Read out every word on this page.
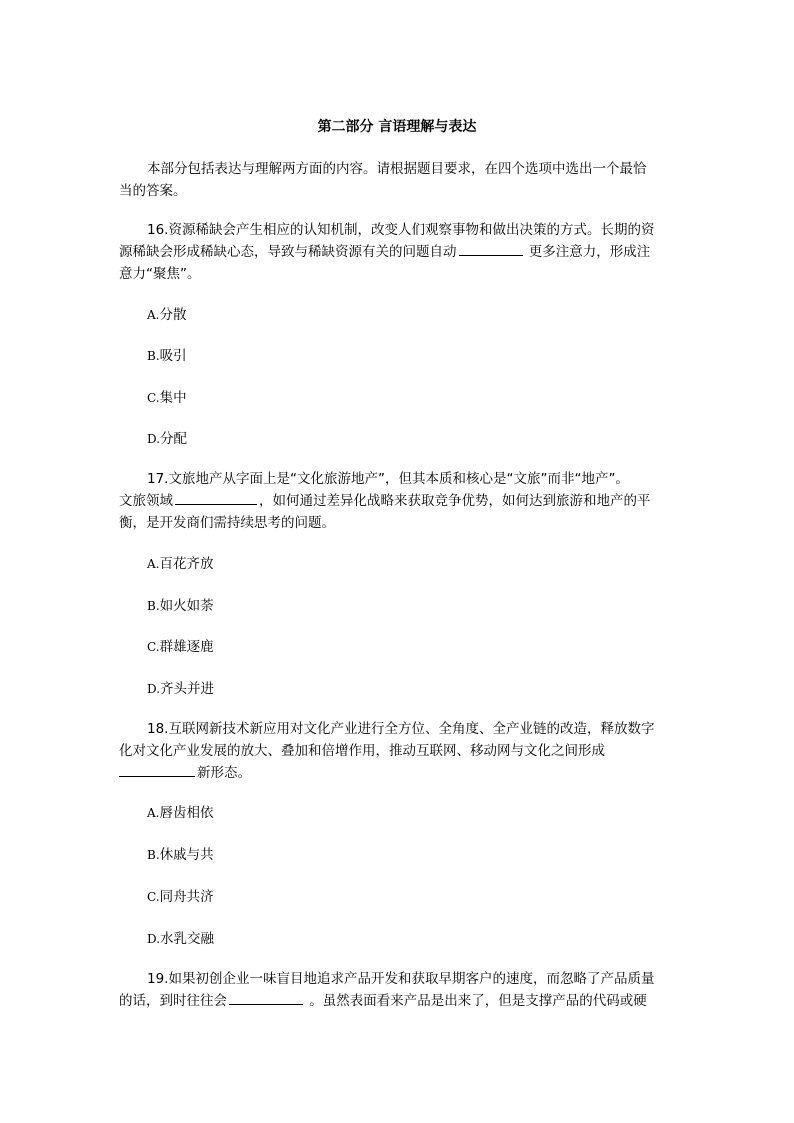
第二部分 言语理解与表达
本部分包括表达与理解两方面的内容。请根据题目要求，在四个选项中选出一个最恰
当的答案。
16.资源稀缺会产生相应的认知机制，改变人们观察事物和做出决策的方式。长期的资
源稀缺会形成稀缺心态，导致与稀缺资源有关的问题自动	更多注意力，形成注
意力“聚焦”。
A.分散
B.吸引
C.集中
D.分配
17.文旅地产从字面上是“文化旅游地产”，但其本质和核心是“文旅”而非“地产”。
文旅领域	，如何通过差异化战略来获取竞争优势，如何达到旅游和地产的平
衡，是开发商们需持续思考的问题。
A.百花齐放
B.如火如荼
C.群雄逐鹿
D.齐头并进
18.互联网新技术新应用对文化产业进行全方位、全角度、全产业链的改造，释放数字
化对文化产业发展的放大、叠加和倍增作用，推动互联网、移动网与文化之间形成
新形态。
A.唇齿相依
B.休戚与共
C.同舟共济
D.水乳交融
19.如果初创企业一味盲目地追求产品开发和获取早期客户的速度，而忽略了产品质量
的话，到时往往会	。虽然表面看来产品是出来了，但是支撑产品的代码或硬
